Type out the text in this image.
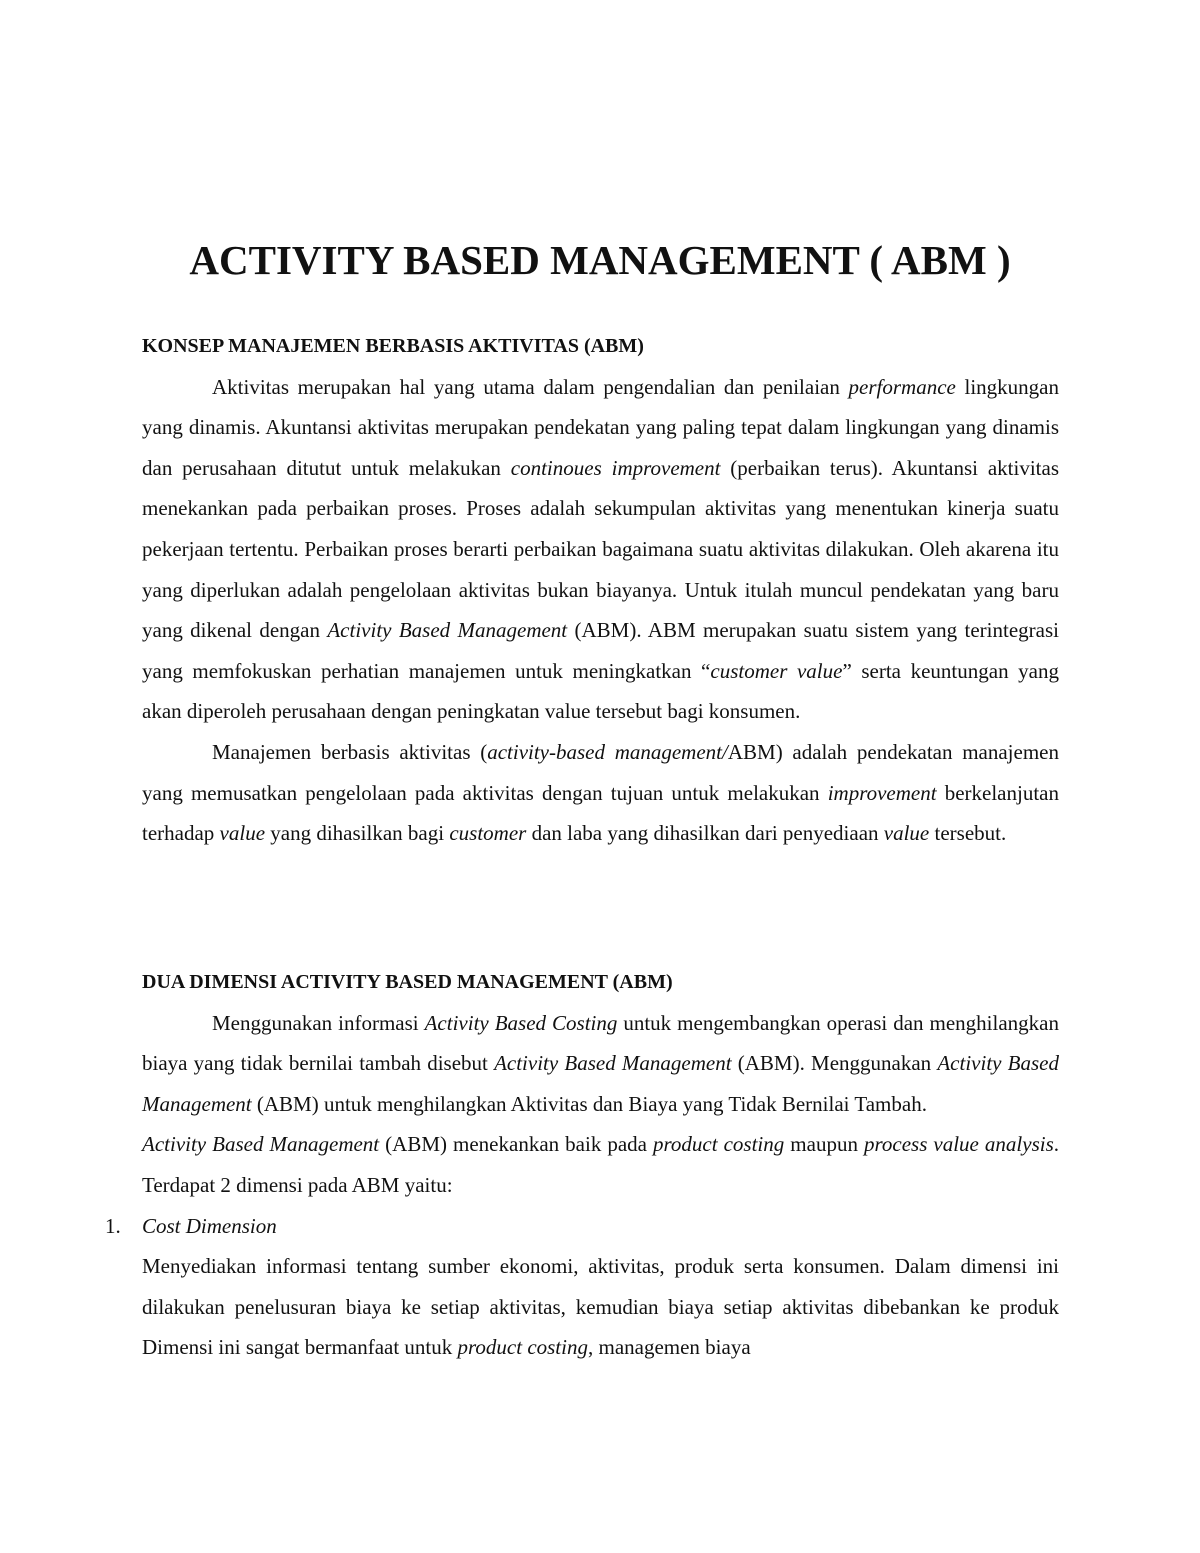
ACTIVITY BASED MANAGEMENT ( ABM )

KONSEP MANAJEMEN BERBASIS AKTIVITAS (ABM)

Aktivitas merupakan hal yang utama dalam pengendalian dan penilaian performance lingkungan yang dinamis. Akuntansi aktivitas merupakan pendekatan yang paling tepat dalam lingkungan yang dinamis dan perusahaan ditutut untuk melakukan continoues improvement (perbaikan terus). Akuntansi aktivitas menekankan pada perbaikan proses. Proses adalah sekumpulan aktivitas yang menentukan kinerja suatu pekerjaan tertentu. Perbaikan proses berarti perbaikan bagaimana suatu aktivitas dilakukan. Oleh akarena itu yang diperlukan adalah pengelolaan aktivitas bukan biayanya. Untuk itulah muncul pendekatan yang baru yang dikenal dengan Activity Based Management (ABM). ABM merupakan suatu sistem yang terintegrasi yang memfokuskan perhatian manajemen untuk meningkatkan “customer value” serta keuntungan yang akan diperoleh perusahaan dengan peningkatan value tersebut bagi konsumen.

Manajemen berbasis aktivitas (activity-based management/ABM) adalah pendekatan manajemen yang memusatkan pengelolaan pada aktivitas dengan tujuan untuk melakukan improvement berkelanjutan terhadap value yang dihasilkan bagi customer dan laba yang dihasilkan dari penyediaan value tersebut.

DUA DIMENSI ACTIVITY BASED MANAGEMENT (ABM)

Menggunakan informasi Activity Based Costing untuk mengembangkan operasi dan menghilangkan biaya yang tidak bernilai tambah disebut Activity Based Management (ABM). Menggunakan Activity Based Management (ABM) untuk menghilangkan Aktivitas dan Biaya yang Tidak Bernilai Tambah.

Activity Based Management (ABM) menekankan baik pada product costing maupun process value analysis. Terdapat 2 dimensi pada ABM yaitu:

1. Cost Dimension

Menyediakan informasi tentang sumber ekonomi, aktivitas, produk serta konsumen. Dalam dimensi ini dilakukan penelusuran biaya ke setiap aktivitas, kemudian biaya setiap aktivitas dibebankan ke produk Dimensi ini sangat bermanfaat untuk product costing, managemen biaya
